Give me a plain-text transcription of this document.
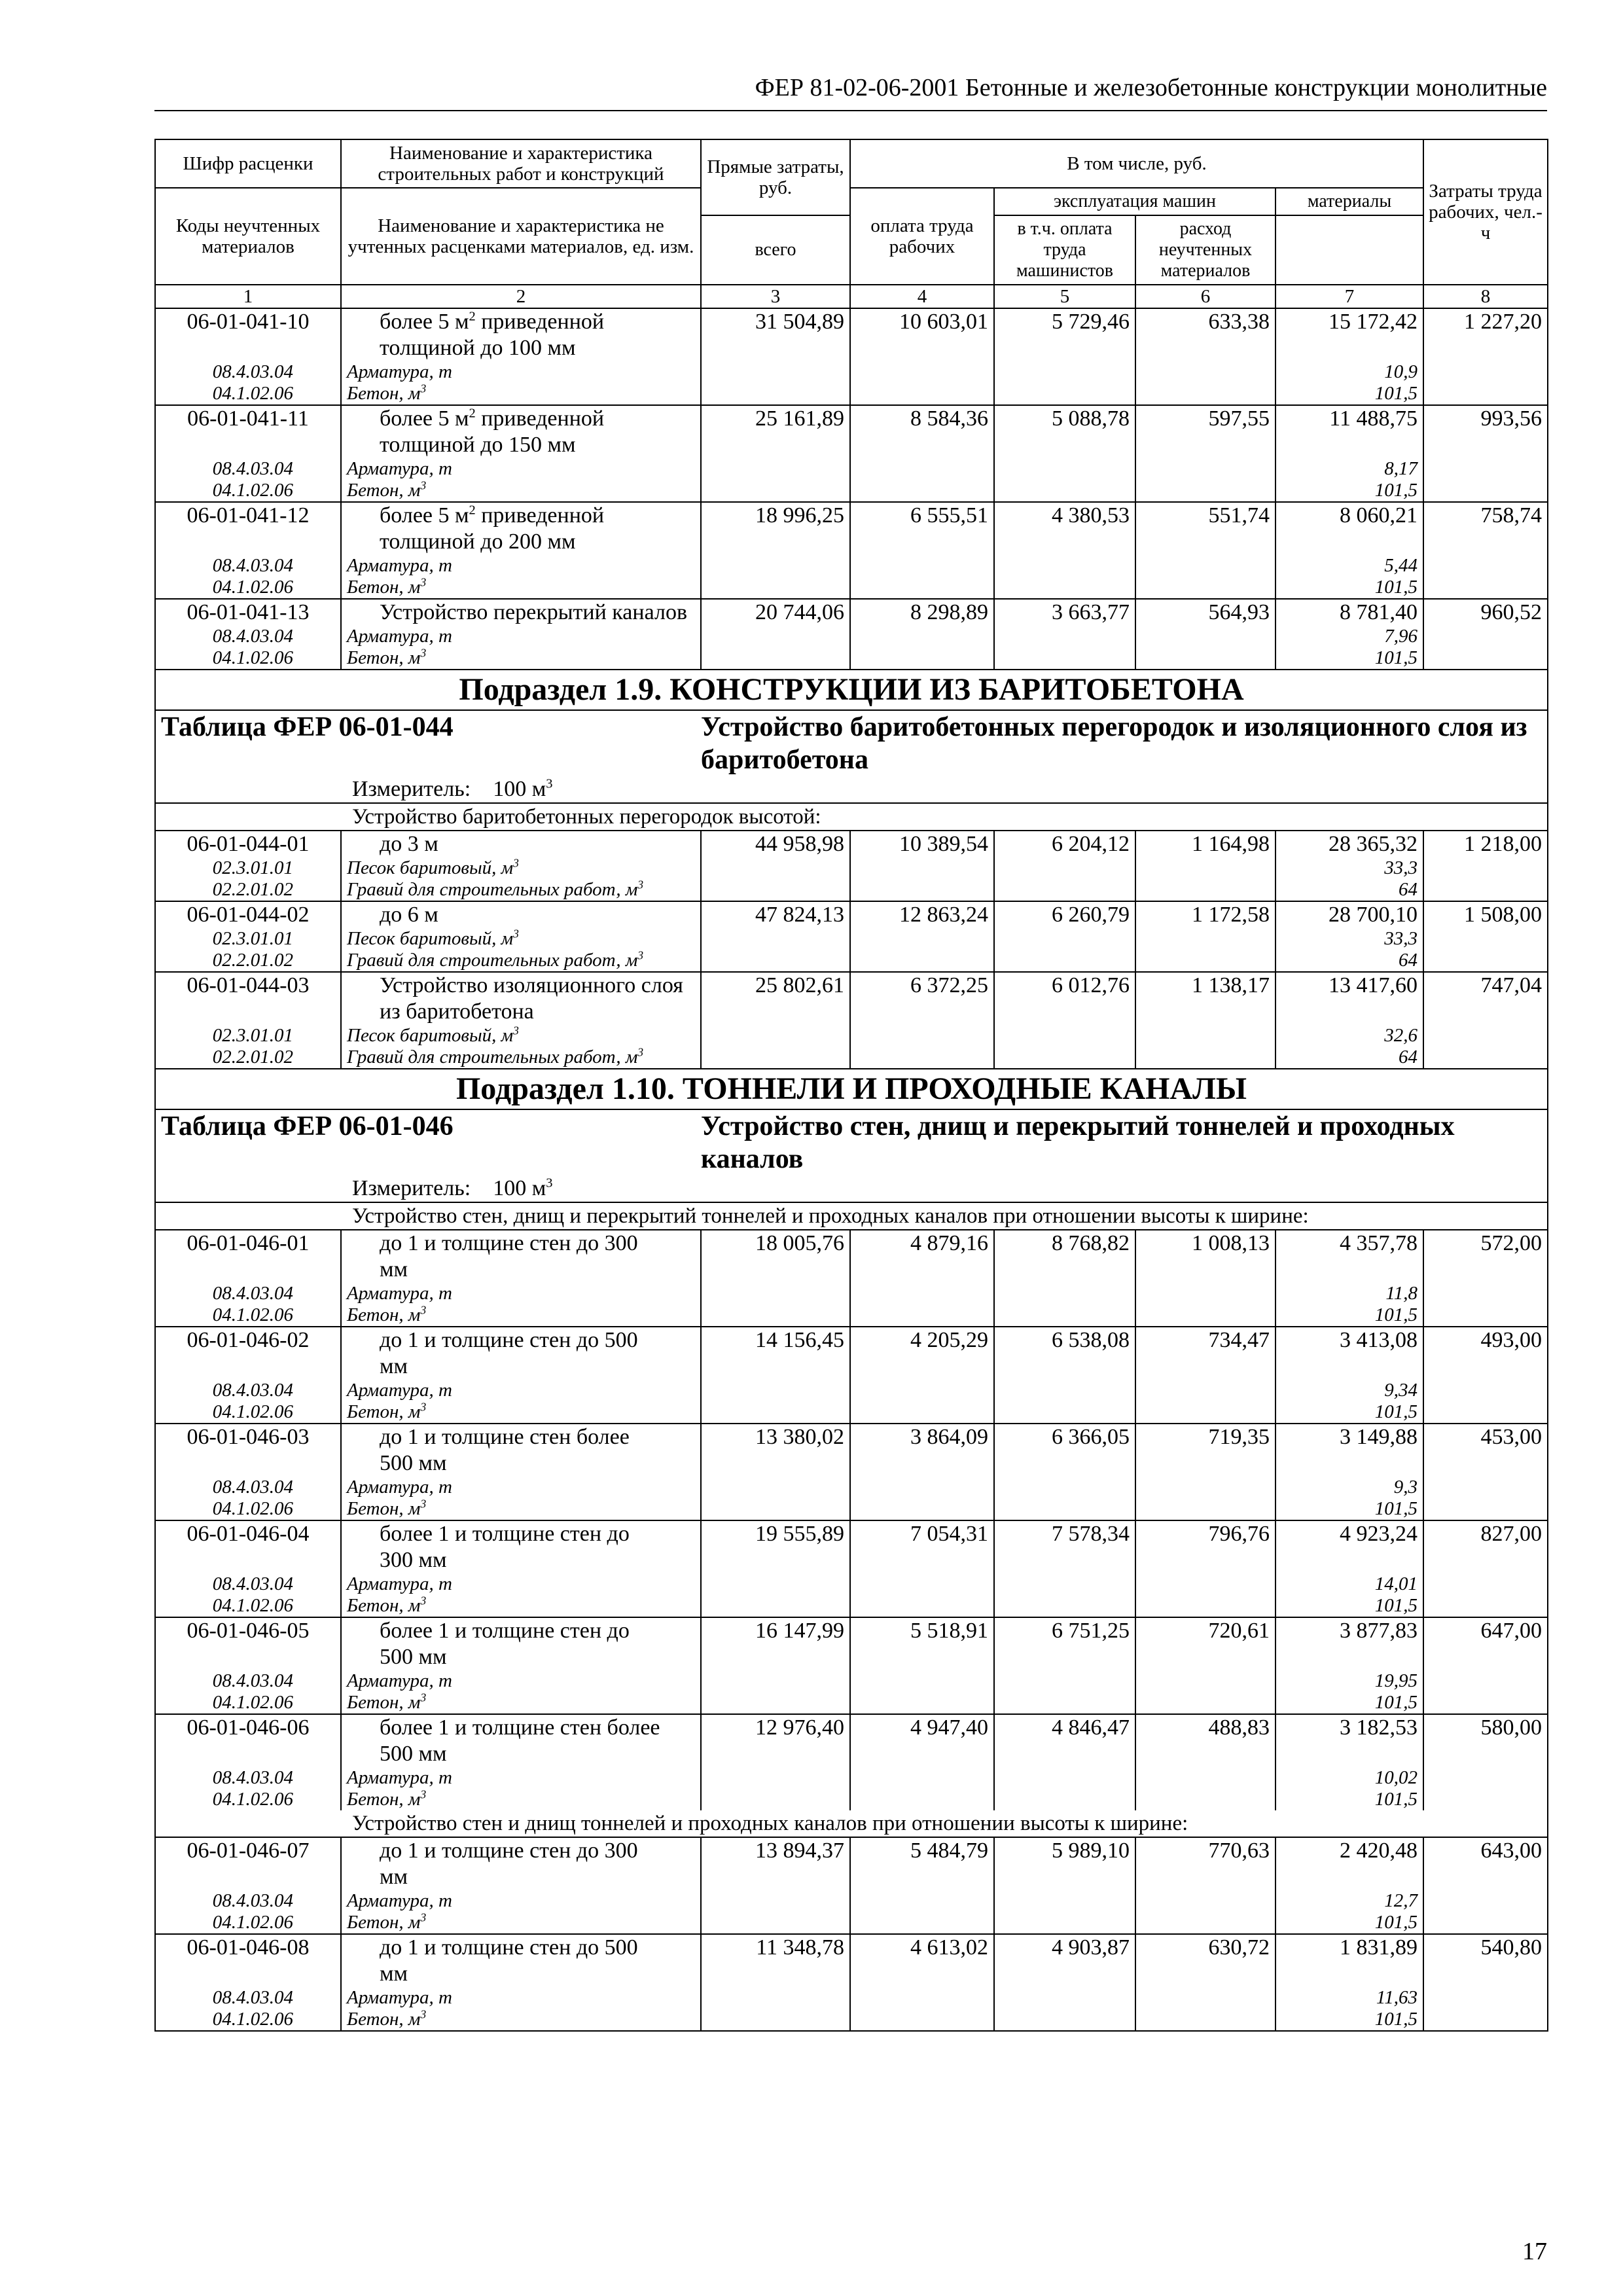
ФЕР 81-02-06-2001 Бетонные и железобетонные конструкции монолитные
Шифр расценки	Наименование и характеристика строительных работ и конструкций	Прямые затраты, руб.	В том числе, руб.				Затраты труда рабочих, чел.-ч

Коды неучтенных материалов	Наименование и характеристика не учтенных расценками материалов, ед. изм.		оплата труда рабочих	эксплуатация машин		материалы	
		всего		в т.ч. оплата труда машинистов	расход неучтенных материалов		
1	2	3	4	5	6	7	8
06-01-041-10	более 5 $м^2$ приведенной
толщиной до 100 мм	31 504,89	10 603,01	5 729,46	633,38	15 172,42	1 227,20
08.4.03.04	Арматура, т					10,9	
04.1.02.06	Бетон, $м^3$					101,5	
06-01-041-11	более 5 $м^2$ приведенной
толщиной до 150 мм	25 161,89	8 584,36	5 088,78	597,55	11 488,75	993,56
08.4.03.04	Арматура, т					8,17	
04.1.02.06	Бетон, $м^3$					101,5	
06-01-041-12	более 5 $м^2$ приведенной
толщиной до 200 мм	18 996,25	6 555,51	4 380,53	551,74	8 060,21	758,74
08.4.03.04	Арматура, т					5,44	
04.1.02.06	Бетон, $м^3$					101,5	
06-01-041-13	Устройство перекрытий каналов	20 744,06	8 298,89	3 663,77	564,93	8 781,40	960,52
08.4.03.04	Арматура, т					7,96	
04.1.02.06	Бетон, $м^3$					101,5	
Подраздел 1.9. КОНСТРУКЦИИ ИЗ БАРИТОБЕТОНА							
Таблица ФЕР 06-01-044		Устройство баритобетонных перегородок и изоляционного слоя из баритобетона					
Измеритель: 100 $м^3$
Устройство баритобетонных перегородок высотой:							
06-01-044-01	до 3 м	44 958,98	10 389,54	6 204,12	1 164,98	28 365,32	1 218,00
02.3.01.01	Песок баритовый, $м^3$					33,3	
02.2.01.02	Гравий для строительных работ, $м^3$					64	
06-01-044-02	до 6 м	47 824,13	12 863,24	6 260,79	1 172,58	28 700,10	1 508,00
02.3.01.01	Песок баритовый, $м^3$					33,3	
02.2.01.02	Гравий для строительных работ, $м^3$					64	
06-01-044-03	Устройство изоляционного слоя
из баритобетона	25 802,61	6 372,25	6 012,76	1 138,17	13 417,60	747,04
02.3.01.01	Песок баритовый, $м^3$					32,6	
02.2.01.02	Гравий для строительных работ, $м^3$					64	
Подраздел 1.10. ТОННЕЛИ И ПРОХОДНЫЕ КАНАЛЫ							
Таблица ФЕР 06-01-046		Устройство стен, днищ и перекрытий тоннелей и проходных каналов					
Измеритель: 100 $м^3$
Устройство стен, днищ и перекрытий тоннелей и проходных каналов при отношении высоты к ширине:							
06-01-046-01	до 1 и толщине стен до 300
мм	18 005,76	4 879,16	8 768,82	1 008,13	4 357,78	572,00
08.4.03.04	Арматура, т					11,8	
04.1.02.06	Бетон, $м^3$					101,5	
06-01-046-02	до 1 и толщине стен до 500
мм	14 156,45	4 205,29	6 538,08	734,47	3 413,08	493,00
08.4.03.04	Арматура, т					9,34	
04.1.02.06	Бетон, $м^3$					101,5	
06-01-046-03	до 1 и толщине стен более
500 мм	13 380,02	3 864,09	6 366,05	719,35	3 149,88	453,00
08.4.03.04	Арматура, т					9,3	
04.1.02.06	Бетон, $м^3$					101,5	
06-01-046-04	более 1 и толщине стен до
300 мм	19 555,89	7 054,31	7 578,34	796,76	4 923,24	827,00
08.4.03.04	Арматура, т					14,01	
04.1.02.06	Бетон, $м^3$					101,5	
06-01-046-05	более 1 и толщине стен до
500 мм	16 147,99	5 518,91	6 751,25	720,61	3 877,83	647,00
08.4.03.04	Арматура, т					19,95	
04.1.02.06	Бетон, $м^3$					101,5	
06-01-046-06	более 1 и толщине стен более
500 мм	12 976,40	4 947,40	4 846,47	488,83	3 182,53	580,00
08.4.03.04	Арматура, т					10,02	
04.1.02.06	Бетон, $м^3$					101,5	
Устройство стен и днищ тоннелей и проходных каналов при отношении высоты к ширине:							
06-01-046-07	до 1 и толщине стен до 300
мм	13 894,37	5 484,79	5 989,10	770,63	2 420,48	643,00
08.4.03.04	Арматура, т					12,7	
04.1.02.06	Бетон, $м^3$					101,5	
06-01-046-08	до 1 и толщине стен до 500
мм	11 348,78	4 613,02	4 903,87	630,72	1 831,89	540,80
08.4.03.04	Арматура, т					11,63	
04.1.02.06	Бетон, $м^3$					101,5	
17
